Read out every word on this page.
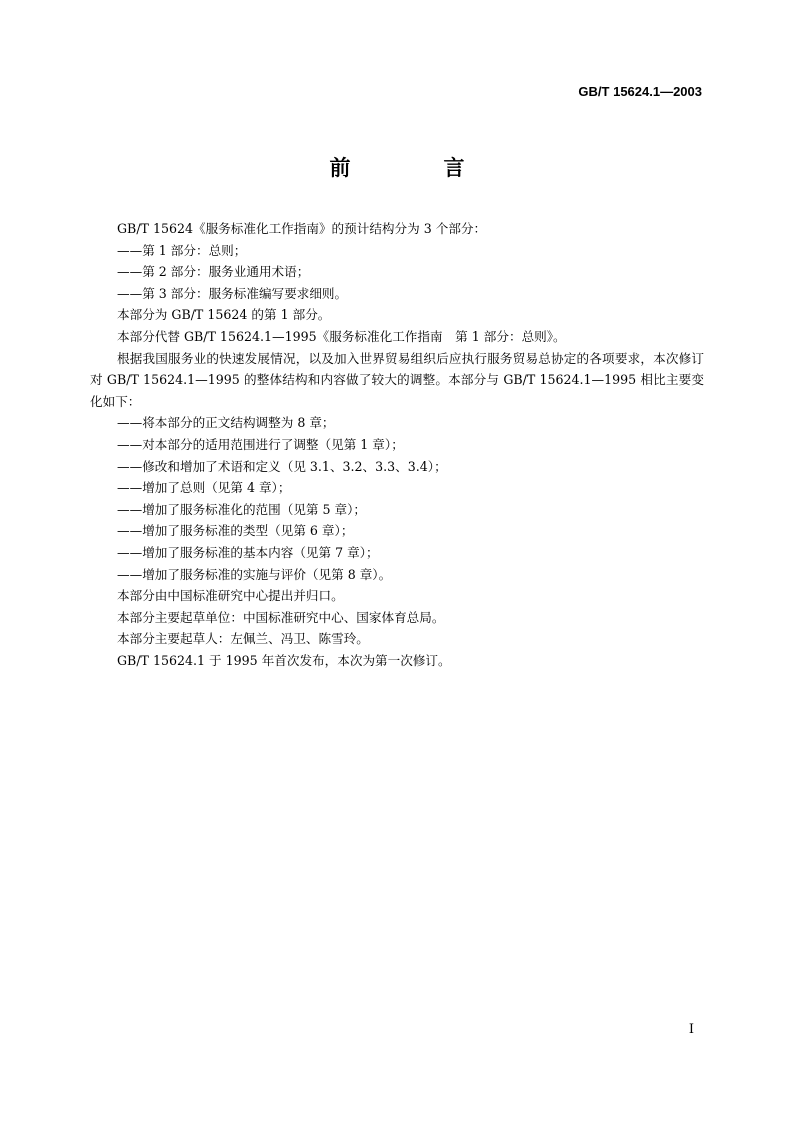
GB/T 15624.1—2003
前　言

GB/T 15624《服务标准化工作指南》的预计结构分为 3 个部分：

——第 1 部分：总则；

——第 2 部分：服务业通用术语；

——第 3 部分：服务标准编写要求细则。

本部分为 GB/T 15624 的第 1 部分。

本部分代替 GB/T 15624.1—1995《服务标准化工作指南　第 1 部分：总则》。

根据我国服务业的快速发展情况，以及加入世界贸易组织后应执行服务贸易总协定的各项要求，本次修订对 GB/T 15624.1—1995 的整体结构和内容做了较大的调整。本部分与 GB/T 15624.1—1995 相比主要变化如下：

——将本部分的正文结构调整为 8 章；

——对本部分的适用范围进行了调整（见第 1 章）；

——修改和增加了术语和定义（见 3.1、3.2、3.3、3.4）；

——增加了总则（见第 4 章）；

——增加了服务标准化的范围（见第 5 章）；

——增加了服务标准的类型（见第 6 章）；

——增加了服务标准的基本内容（见第 7 章）；

——增加了服务标准的实施与评价（见第 8 章）。

本部分由中国标准研究中心提出并归口。

本部分主要起草单位：中国标准研究中心、国家体育总局。

本部分主要起草人：左佩兰、冯卫、陈雪玲。

GB/T 15624.1 于 1995 年首次发布，本次为第一次修订。

I
